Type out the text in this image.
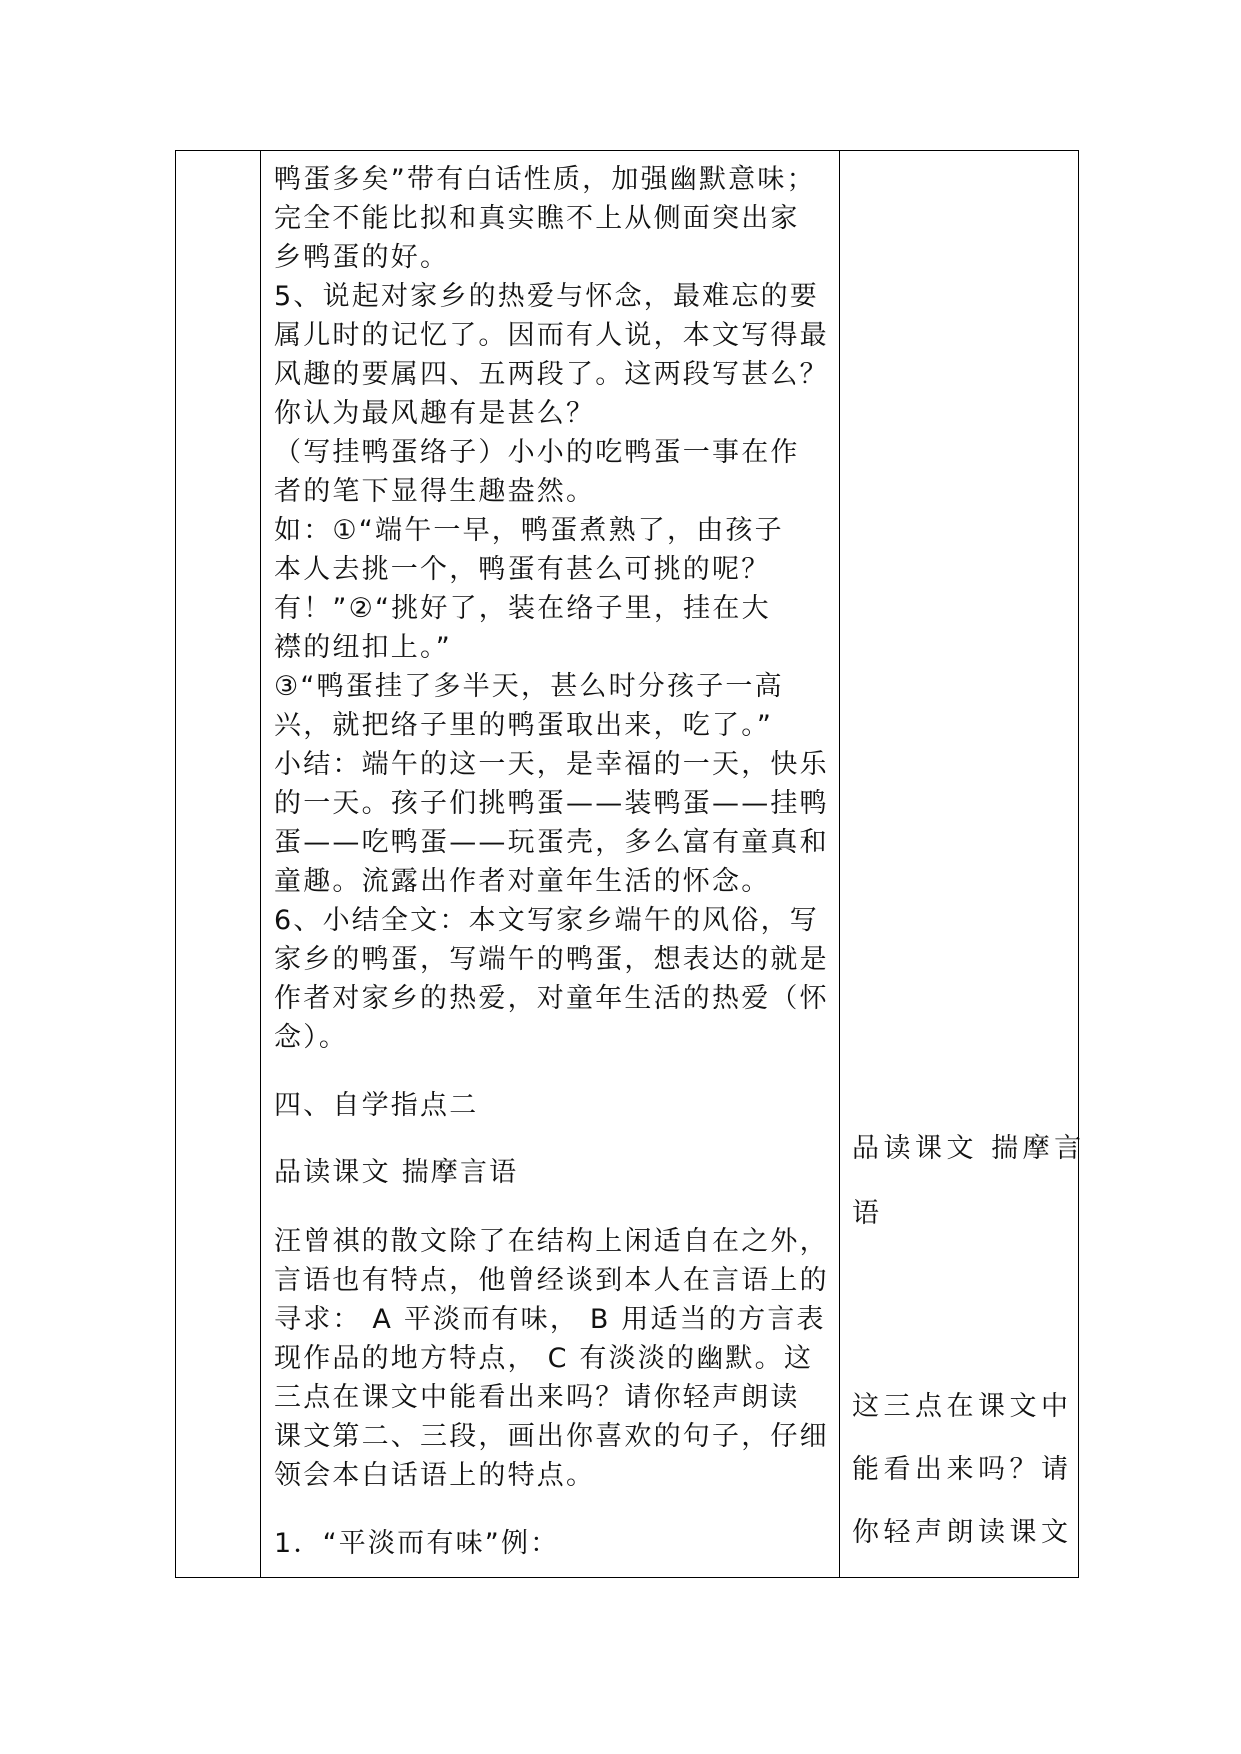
鸭蛋多矣”带有白话性质，加强幽默意味；
完全不能比拟和真实瞧不上从侧面突出家
乡鸭蛋的好。
5、说起对家乡的热爱与怀念，最难忘的要
属儿时的记忆了。因而有人说，本文写得最
风趣的要属四、五两段了。这两段写甚么？
你认为最风趣有是甚么？
（写挂鸭蛋络子）小小的吃鸭蛋一事在作
者的笔下显得生趣盎然。
如：①“端午一早，鸭蛋煮熟了，由孩子
本人去挑一个，鸭蛋有甚么可挑的呢？
有！”②“挑好了，装在络子里，挂在大
襟的纽扣上。”
③“鸭蛋挂了多半天，甚么时分孩子一高
兴，就把络子里的鸭蛋取出来，吃了。”
小结：端午的这一天，是幸福的一天，快乐
的一天。孩子们挑鸭蛋——装鸭蛋——挂鸭
蛋——吃鸭蛋——玩蛋壳，多么富有童真和
童趣。流露出作者对童年生活的怀念。
6、小结全文：本文写家乡端午的风俗，写
家乡的鸭蛋，写端午的鸭蛋，想表达的就是
作者对家乡的热爱，对童年生活的热爱（怀
念）。
四、自学指点二
品读课文 揣摩言语
汪曾祺的散文除了在结构上闲适自在之外，
言语也有特点，他曾经谈到本人在言语上的
寻求： A 平淡而有味， B 用适当的方言表
现作品的地方特点， C 有淡淡的幽默。这
三点在课文中能看出来吗？请你轻声朗读
课文第二、三段，画出你喜欢的句子，仔细
领会本白话语上的特点。
1．“平淡而有味”例：
品读课文 揣摩言
语
这三点在课文中
能看出来吗？请
你轻声朗读课文
